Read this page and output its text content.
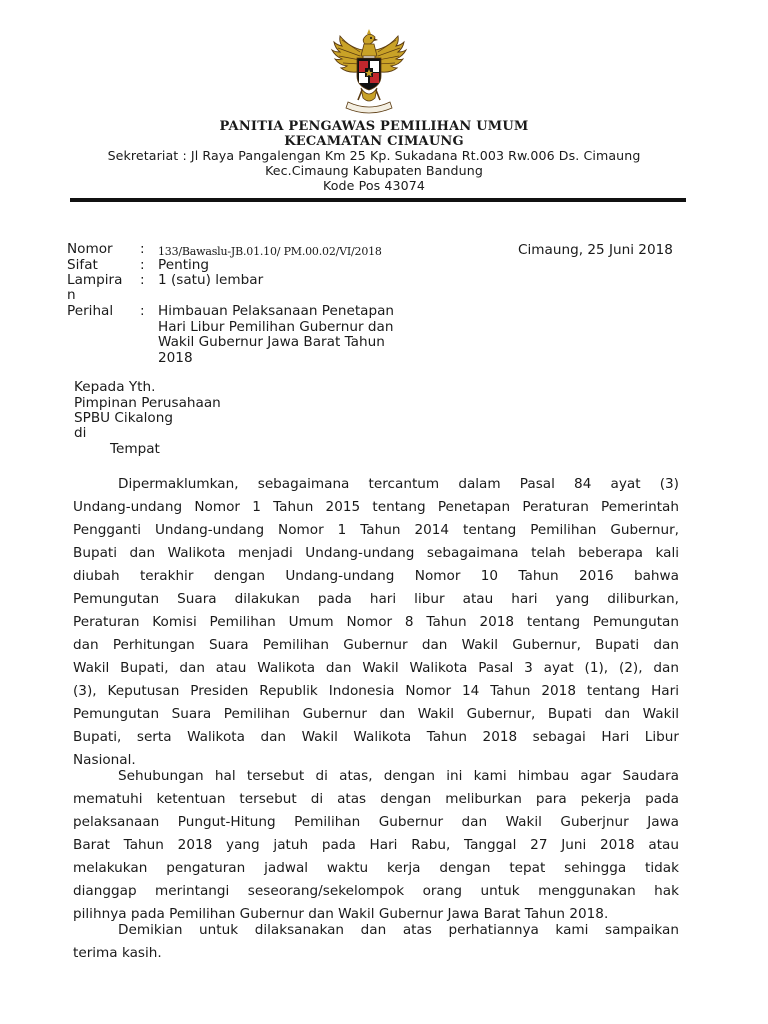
PANITIA PENGAWAS PEMILIHAN UMUM
KECAMATAN CIMAUNG
Sekretariat : Jl Raya Pangalengan Km 25 Kp. Sukadana Rt.003 Rw.006 Ds. Cimaung
Kec.Cimaung Kabupaten Bandung
Kode Pos 43074
Nomor : 133/Bawaslu-JB.01.10/ PM.00.02/VI/2018	Cimaung, 25 Juni 2018
Sifat	: Penting
Lampira : 1 (satu) lembar
n
Perihal : Himbauan Pelaksanaan Penetapan
Hari Libur Pemilihan Gubernur dan
Wakil Gubernur Jawa Barat Tahun
2018
Kepada Yth.
Pimpinan Perusahaan
SPBU Cikalong
di
Tempat
Dipermaklumkan, sebagaimana tercantum dalam Pasal 84 ayat (3)
Undang-undang Nomor 1 Tahun 2015 tentang Penetapan Peraturan Pemerintah
Pengganti Undang-undang Nomor 1 Tahun 2014 tentang Pemilihan Gubernur,
Bupati dan Walikota menjadi Undang-undang sebagaimana telah beberapa kali
diubah terakhir dengan Undang-undang Nomor 10 Tahun 2016 bahwa
Pemungutan Suara dilakukan pada hari libur atau hari yang diliburkan,
Peraturan Komisi Pemilihan Umum Nomor 8 Tahun 2018 tentang Pemungutan
dan Perhitungan Suara Pemilihan Gubernur dan Wakil Gubernur, Bupati dan
Wakil Bupati, dan atau Walikota dan Wakil Walikota Pasal 3 ayat (1), (2), dan
(3), Keputusan Presiden Republik Indonesia Nomor 14 Tahun 2018 tentang Hari
Pemungutan Suara Pemilihan Gubernur dan Wakil Gubernur, Bupati dan Wakil
Bupati, serta Walikota dan Wakil Walikota Tahun 2018 sebagai Hari Libur
Nasional.
Sehubungan hal tersebut di atas, dengan ini kami himbau agar Saudara
mematuhi ketentuan tersebut di atas dengan meliburkan para pekerja pada
pelaksanaan Pungut-Hitung Pemilihan Gubernur dan Wakil Guberjnur Jawa
Barat Tahun 2018 yang jatuh pada Hari Rabu, Tanggal 27 Juni 2018 atau
melakukan pengaturan jadwal waktu kerja dengan tepat sehingga tidak
dianggap merintangi seseorang/sekelompok orang untuk menggunakan hak
pilihnya pada Pemilihan Gubernur dan Wakil Gubernur Jawa Barat Tahun 2018.
Demikian untuk dilaksanakan dan atas perhatiannya kami sampaikan
terima kasih.
